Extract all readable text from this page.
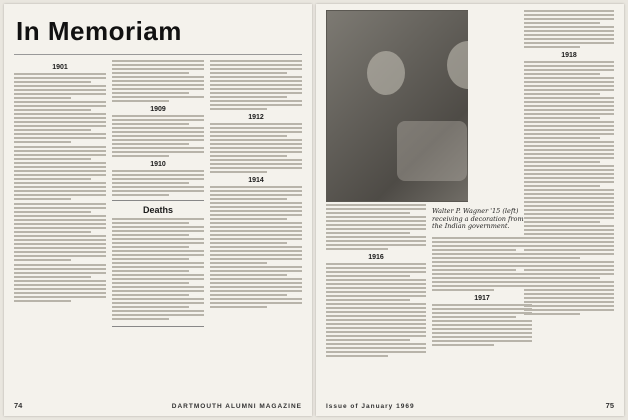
In Memoriam
1901
1909
1910
Deaths
1912
1914
74	DARTMOUTH ALUMNI MAGAZINE
1918
1916
Walter P. Wagner '15 (left) receiving a decoration from the Indian government.
1917
Issue of January 1969	75
